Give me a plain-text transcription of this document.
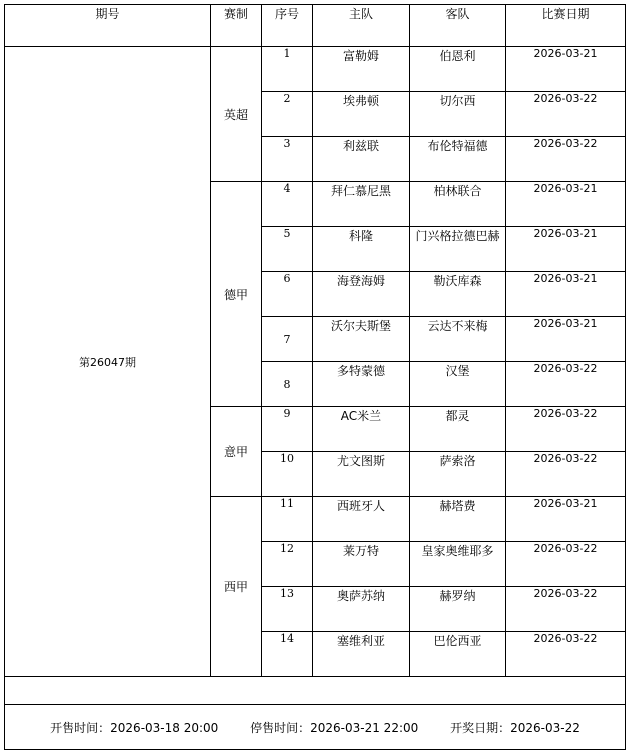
期号	赛制	序号	主队	客队	比赛日期
第26047期	英超	1	富勒姆	伯恩利	2026-03-21
		2	埃弗顿	切尔西	2026-03-22
		3	利兹联	布伦特福德	2026-03-22
	德甲	4	拜仁慕尼黑	柏林联合	2026-03-21
		5	科隆	门兴格拉德巴赫	2026-03-21
		6	海登海姆	勒沃库森	2026-03-21
		7	沃尔夫斯堡	云达不来梅	2026-03-21
		8	多特蒙德	汉堡	2026-03-22
	意甲	9	AC米兰	都灵	2026-03-22
		10	尤文图斯	萨索洛	2026-03-22
	西甲	11	西班牙人	赫塔费	2026-03-21
		12	莱万特	皇家奥维耶多	2026-03-22
		13	奥萨苏纳	赫罗纳	2026-03-22
		14	塞维利亚	巴伦西亚	2026-03-22

开售时间：2026-03-18 20:00 停售时间：2026-03-21 22:00 开奖日期：2026-03-22					
